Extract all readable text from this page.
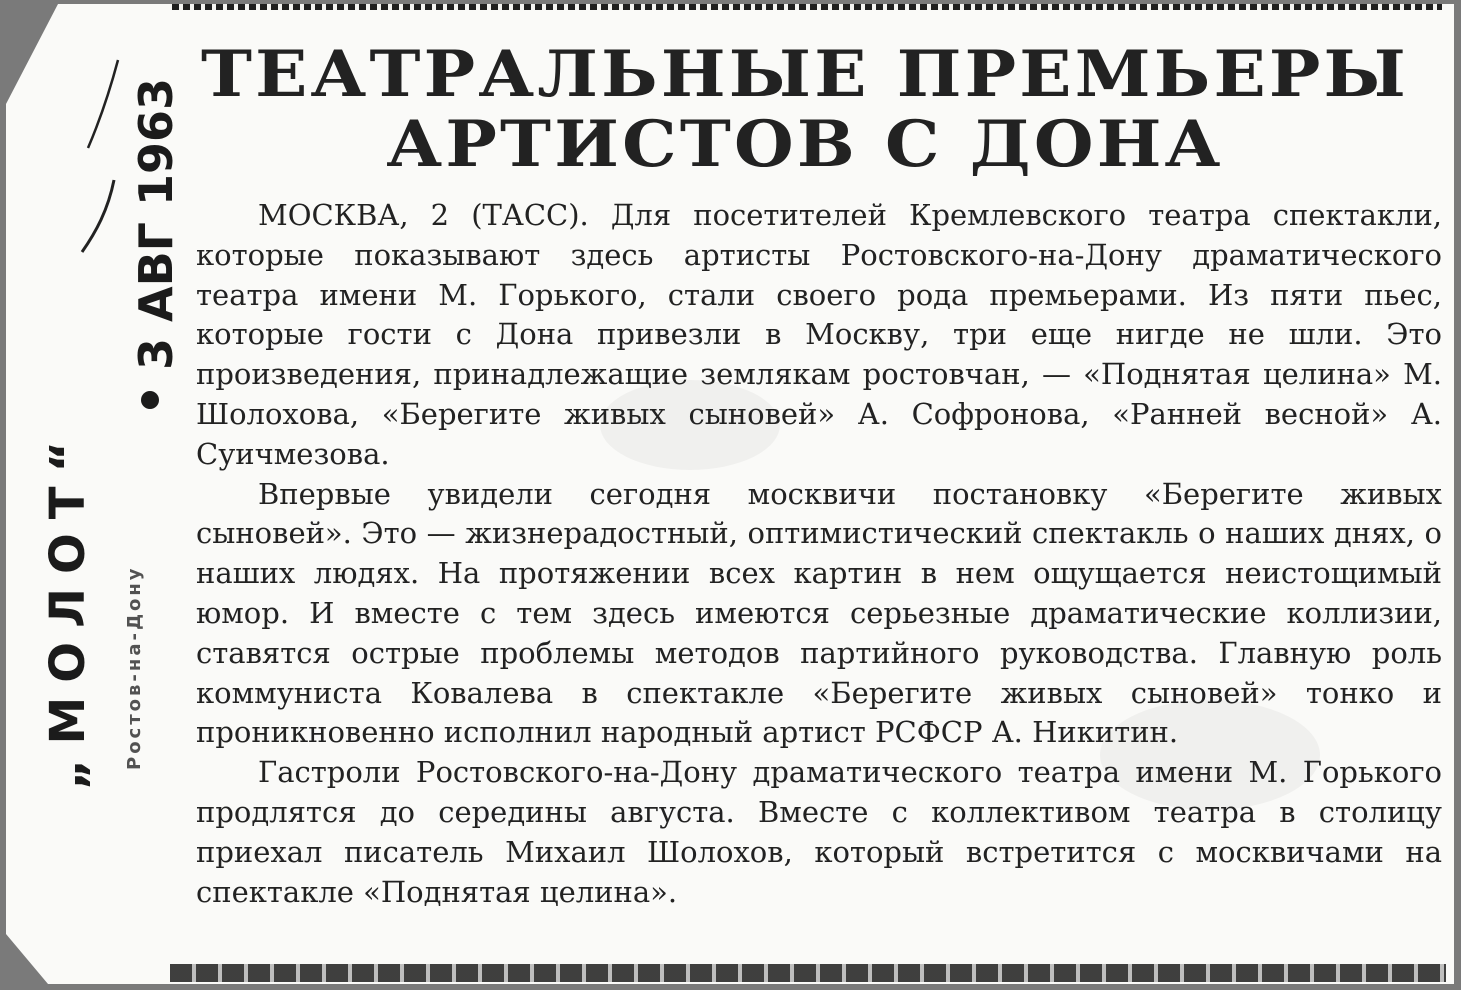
3 АВГ 1963
„МОЛОТ“ Ростов-на-Дону
ТЕАТРАЛЬНЫЕ ПРЕМЬЕРЫ
АРТИСТОВ С ДОНА

МОСКВА, 2 (ТАСС). Для посетителей Кремлевского театра спектакли, которые показывают здесь артисты Ростовского-на-Дону драматического театра имени М. Горького, стали своего рода премьерами. Из пяти пьес, которые гости с Дона привезли в Москву, три еще нигде не шли. Это произведения, принадлежащие землякам ростовчан, — «Поднятая целина» М. Шолохова, «Берегите живых сыновей» А. Софронова, «Ранней весной» А. Суичмезова.

Впервые увидели сегодня москвичи постановку «Берегите живых сыновей». Это — жизнерадостный, оптимистический спектакль о наших днях, о наших людях. На протяжении всех картин в нем ощущается неистощимый юмор. И вместе с тем здесь имеются серьезные драматические коллизии, ставятся острые проблемы методов партийного руководства. Главную роль коммуниста Ковалева в спектакле «Берегите живых сыновей» тонко и проникновенно исполнил народный артист РСФСР А. Никитин.

Гастроли Ростовского-на-Дону драматического театра имени М. Горького продлятся до середины августа. Вместе с коллективом театра в столицу приехал писатель Михаил Шолохов, который встретится с москвичами на спектакле «Поднятая целина».
